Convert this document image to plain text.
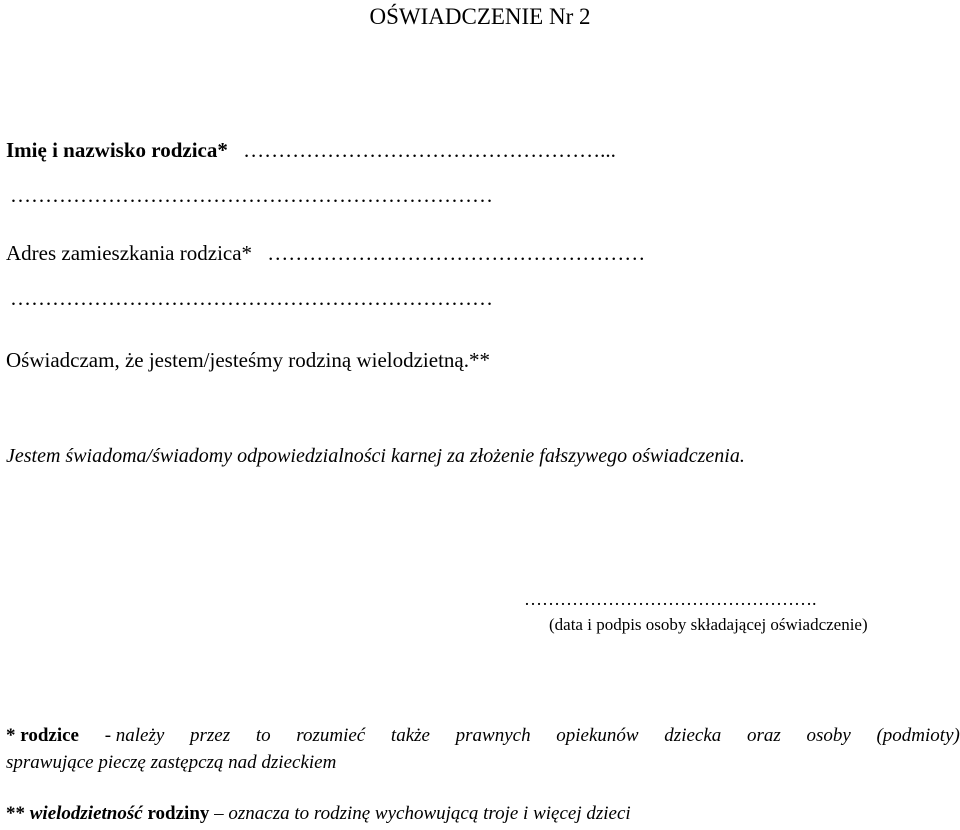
OŚWIADCZENIE Nr 2
Imię i nazwisko rodzica* ……………………………………………...
……………………………………………………………
Adres zamieszkania rodzica* ………………………………………………
……………………………………………………………
Oświadczam, że jestem/jesteśmy rodziną wielodzietną.**
Jestem świadoma/świadomy odpowiedzialności karnej za złożenie fałszywego oświadczenia.
………………………………………….
(data i podpis osoby składającej oświadczenie)
* rodzice - należy przez to rozumieć także prawnych opiekunów dziecka oraz osoby (podmioty)
sprawujące pieczę zastępczą nad dzieckiem
** wielodzietność rodziny – oznacza to rodzinę wychowującą troje i więcej dzieci
